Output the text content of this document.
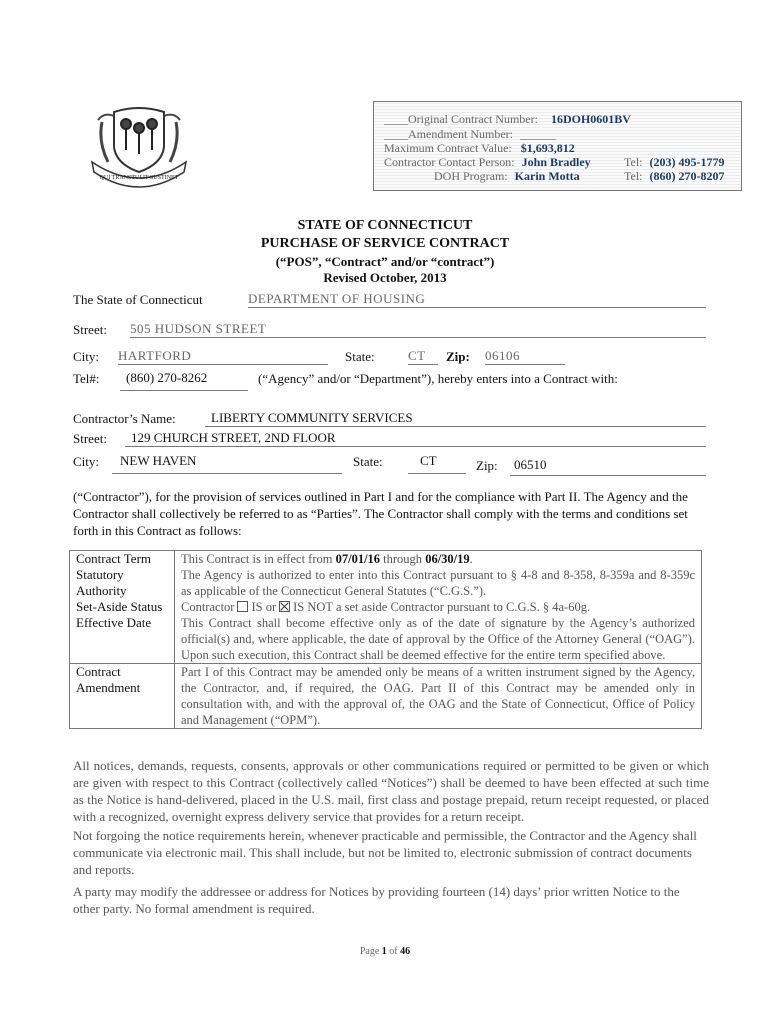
QUI TRANSTULIT SUSTINET
____Original Contract Number: 16DOH0601BV
____Amendment Number: ______
Maximum Contract Value: $1,693,812
Contractor Contact Person: John Bradley	Tel: (203) 495-1779
DOH Program: Karin Motta	Tel: (860) 270-8207
STATE OF CONNECTICUT
PURCHASE OF SERVICE CONTRACT
(“POS”, “Contract” and/or “contract”)
Revised October, 2013
The State of Connecticut	DEPARTMENT OF HOUSING
Street: 505 HUDSON STREET
City: HARTFORD	State:	CT	Zip: 06106
Tel#:	(860) 270-8262	(“Agency” and/or “Department”), hereby enters into a Contract with:
Contractor’s Name:	LIBERTY COMMUNITY SERVICES
Street:	129 CHURCH STREET, 2ND FLOOR
City:	NEW HAVEN	State:	CT	Zip:	06510

(“Contractor”), for the provision of services outlined in Part I and for the compliance with Part II. The Agency and the Contractor shall collectively be referred to as “Parties”. The Contractor shall comply with the terms and conditions set forth in this Contract as follows:

Contract Term	This Contract is in effect from 07/01/16 through 06/30/19.
Statutory Authority
The Agency is authorized to enter into this Contract pursuant to § 4-8 and 8-358, 8-359a and 8-359c as applicable of the Connecticut General Statutes (“C.G.S.”).
Set-Aside Status	Contractor IS or IS NOT a set aside Contractor pursuant to C.G.S. § 4a-60g.
Effective Date	This Contract shall become effective only as of the date of signature by the Agency’s authorized official(s) and, where applicable, the date of approval by the Office of the Attorney General (“OAG”). Upon such execution, this Contract shall be deemed effective for the entire term specified above.
Contract Amendment
Part I of this Contract may be amended only be means of a written instrument signed by the Agency, the Contractor, and, if required, the OAG. Part II of this Contract may be amended only in consultation with, and with the approval of, the OAG and the State of Connecticut, Office of Policy and Management (“OPM”).

All notices, demands, requests, consents, approvals or other communications required or permitted to be given or which are given with respect to this Contract (collectively called “Notices”) shall be deemed to have been effected at such time as the Notice is hand-delivered, placed in the U.S. mail, first class and postage prepaid, return receipt requested, or placed with a recognized, overnight express delivery service that provides for a return receipt.

Not forgoing the notice requirements herein, whenever practicable and permissible, the Contractor and the Agency shall communicate via electronic mail. This shall include, but not be limited to, electronic submission of contract documents and reports.

A party may modify the addressee or address for Notices by providing fourteen (14) days’ prior written Notice to the other party. No formal amendment is required.

Page 1 of 46
